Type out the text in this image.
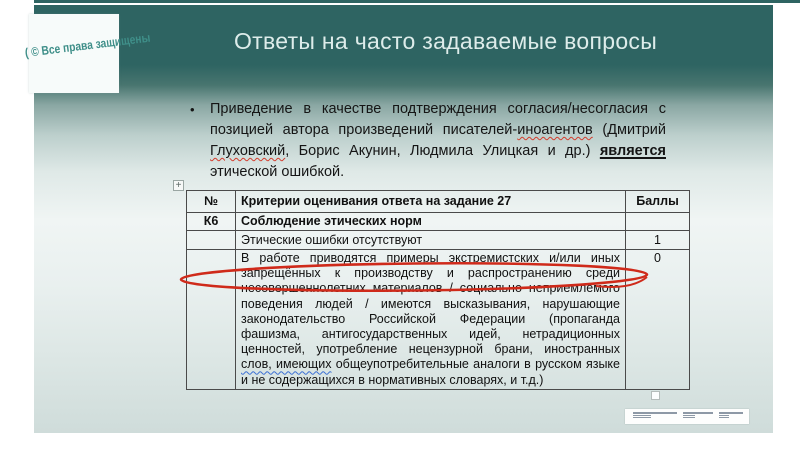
Ответы на часто задаваемые вопросы
( © Все права защищены
• Приведение в качестве подтверждения согласия/несогласия с позицией автора произведений писателей-иноагентов (Дмитрий Глуховский, Борис Акунин, Людмила Улицкая и др.) является этической ошибкой.
+
№	Критерии оценивания ответа на задание 27	Баллы
К6	Соблюдение этических норм	
	Этические ошибки отсутствуют	1
	В работе приводятся примеры экстремистских и/или иных запрещённых к производству и распространению среди несовершеннолетних материалов / социально неприемлемого поведения людей / имеются высказывания, нарушающие законодательство Российской Федерации (пропаганда фашизма, антигосударственных идей, нетрадиционных ценностей, употребление нецензурной брани, иностранных слов, имеющих общеупотребительные аналоги в русском языке и не содержащихся в нормативных словарях, и т.д.)	0
